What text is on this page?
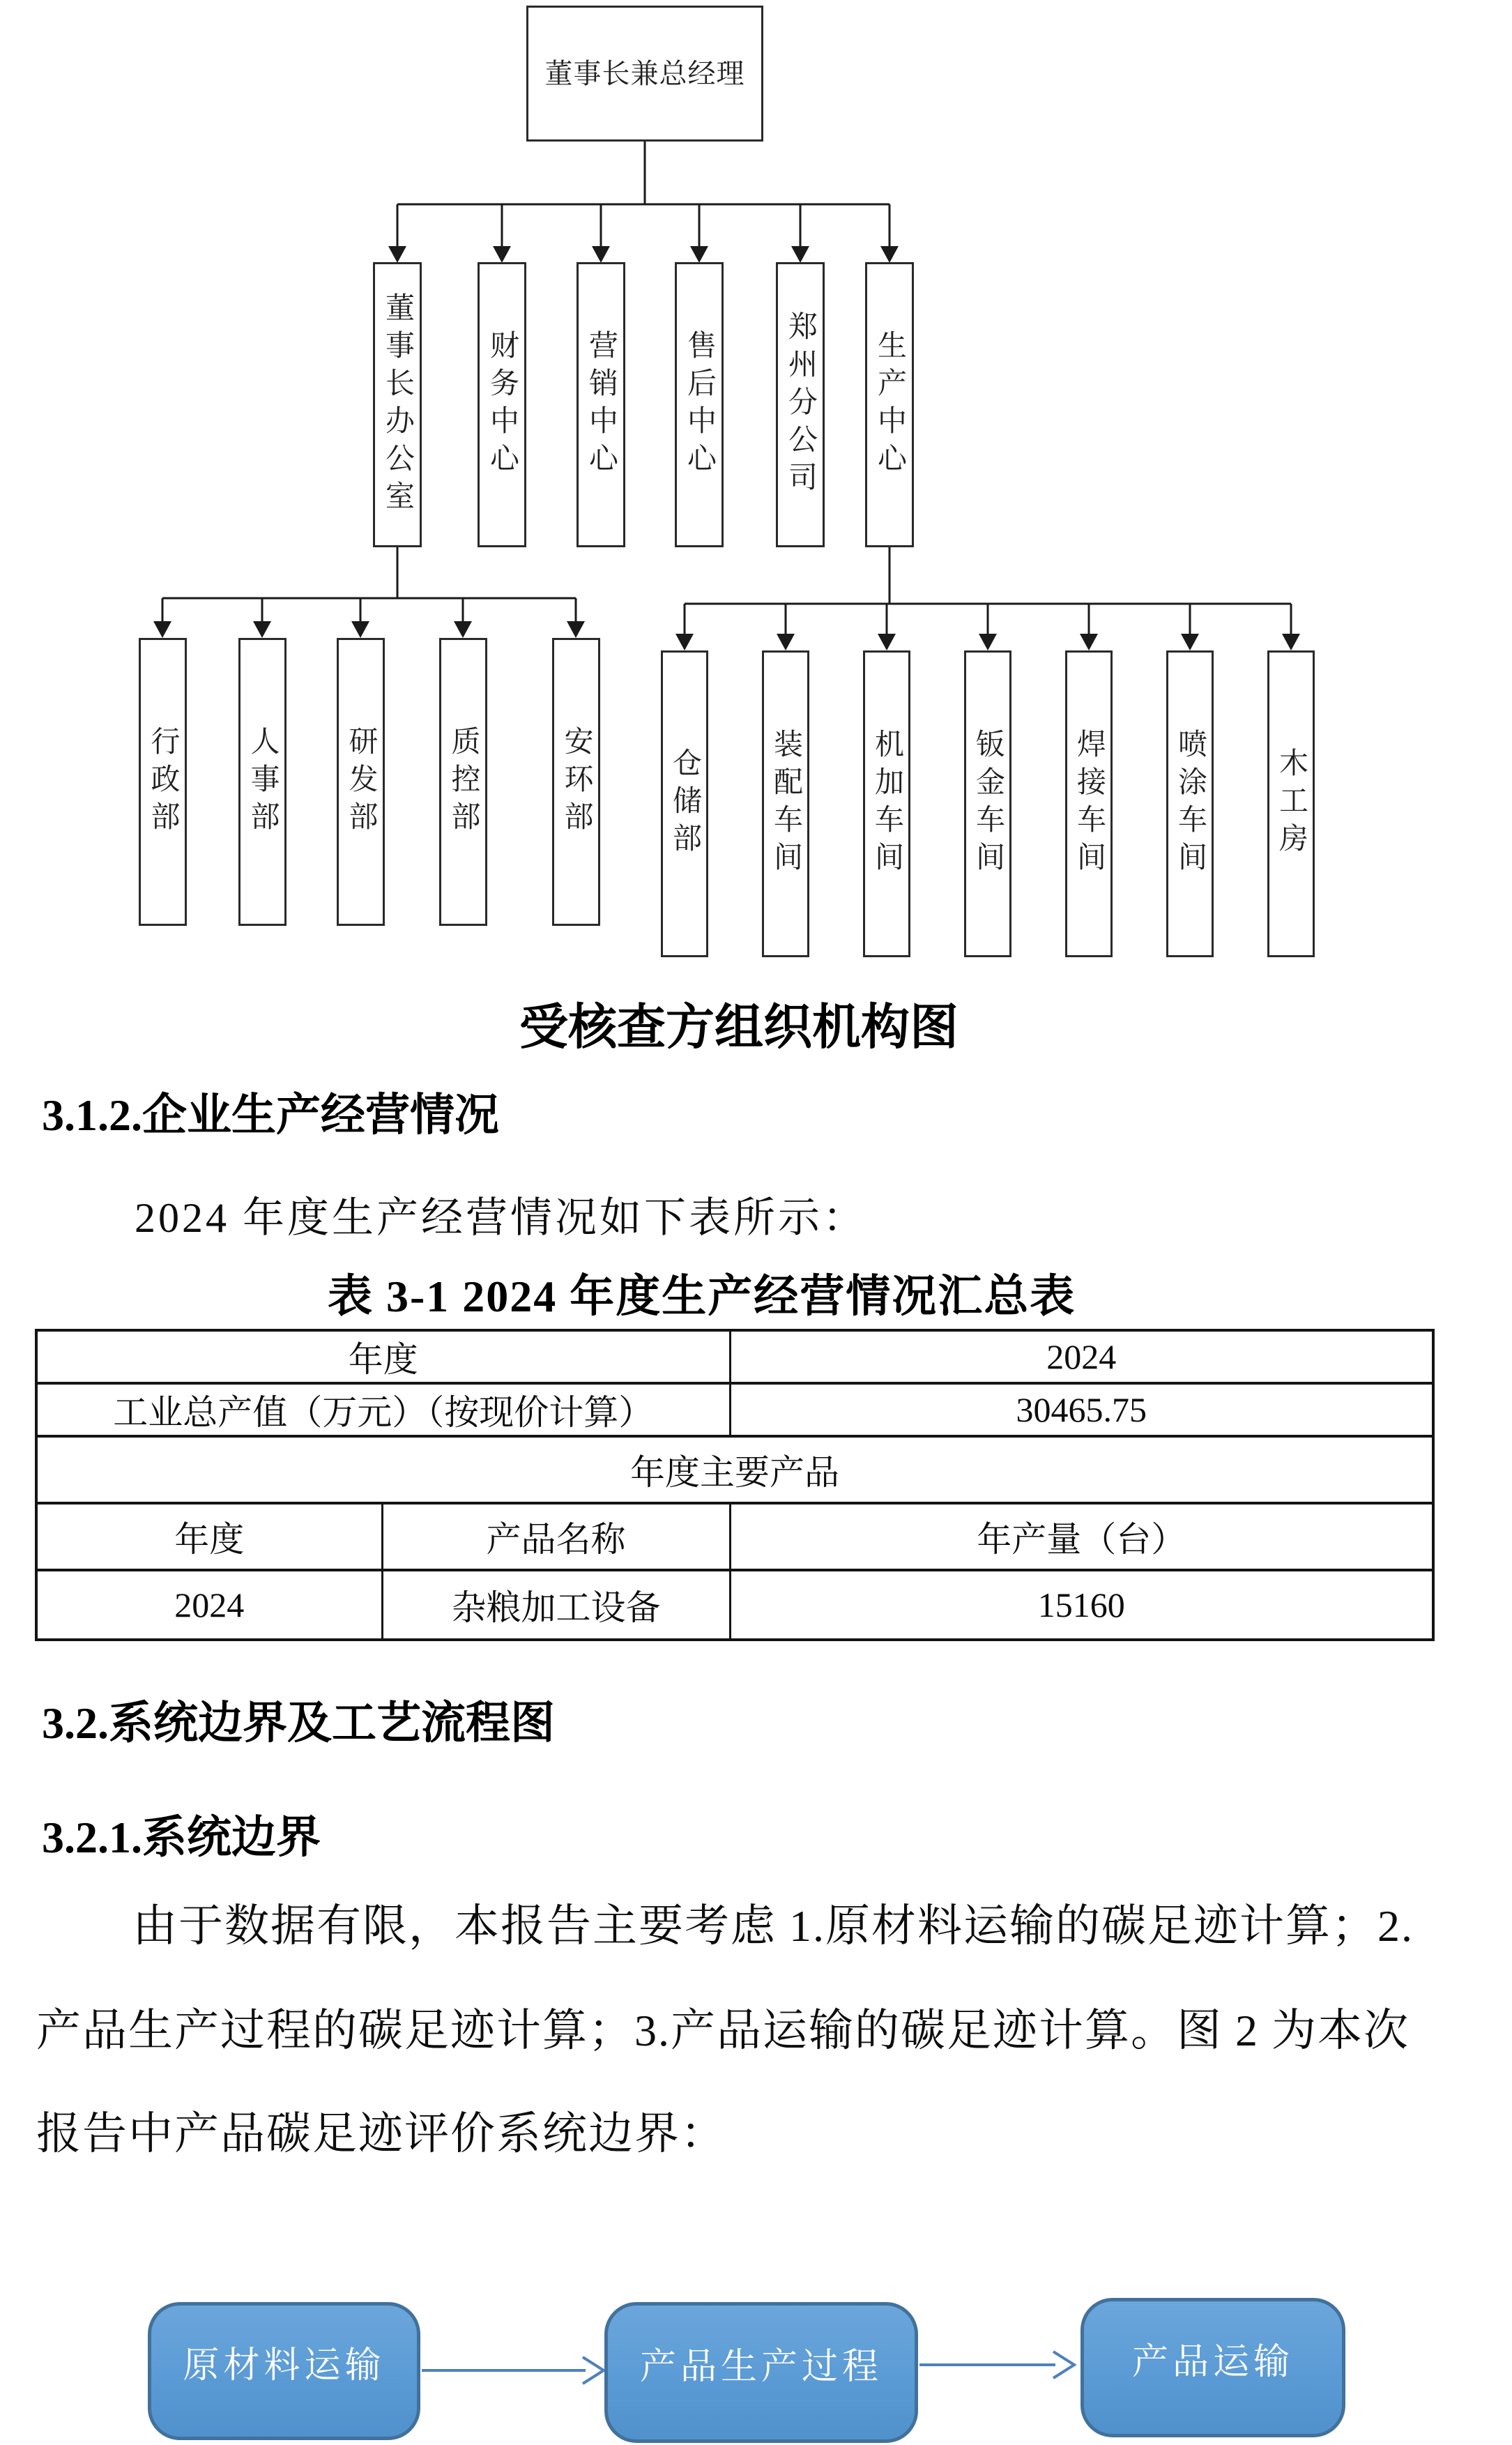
董事长兼总经理
董事长办公室 财务中心 营销中心 售后中心 郑州分公司 生产中心
行政部 人事部 研发部 质控部	安环部	仓储部 装配车间 机加车间 钣金车间 焊接车间 喷涂车间 木工房
受核查方组织机构图
3.1.2.企业生产经营情况
2024 年度生产经营情况如下表所示：
表 3-1 2024 年度生产经营情况汇总表
年度		2024
工业总产值（万元）（按现价计算）		30465.75
年度主要产品		
年度	产品名称	年产量（台）
2024	杂粮加工设备	15160
3.2.系统边界及工艺流程图
3.2.1.系统边界
由于数据有限，本报告主要考虑 1.原材料运输的碳足迹计算；2.
产品生产过程的碳足迹计算；3.产品运输的碳足迹计算。图 2 为本次
报告中产品碳足迹评价系统边界：
原材料运输	产品生产过程	产品运输
